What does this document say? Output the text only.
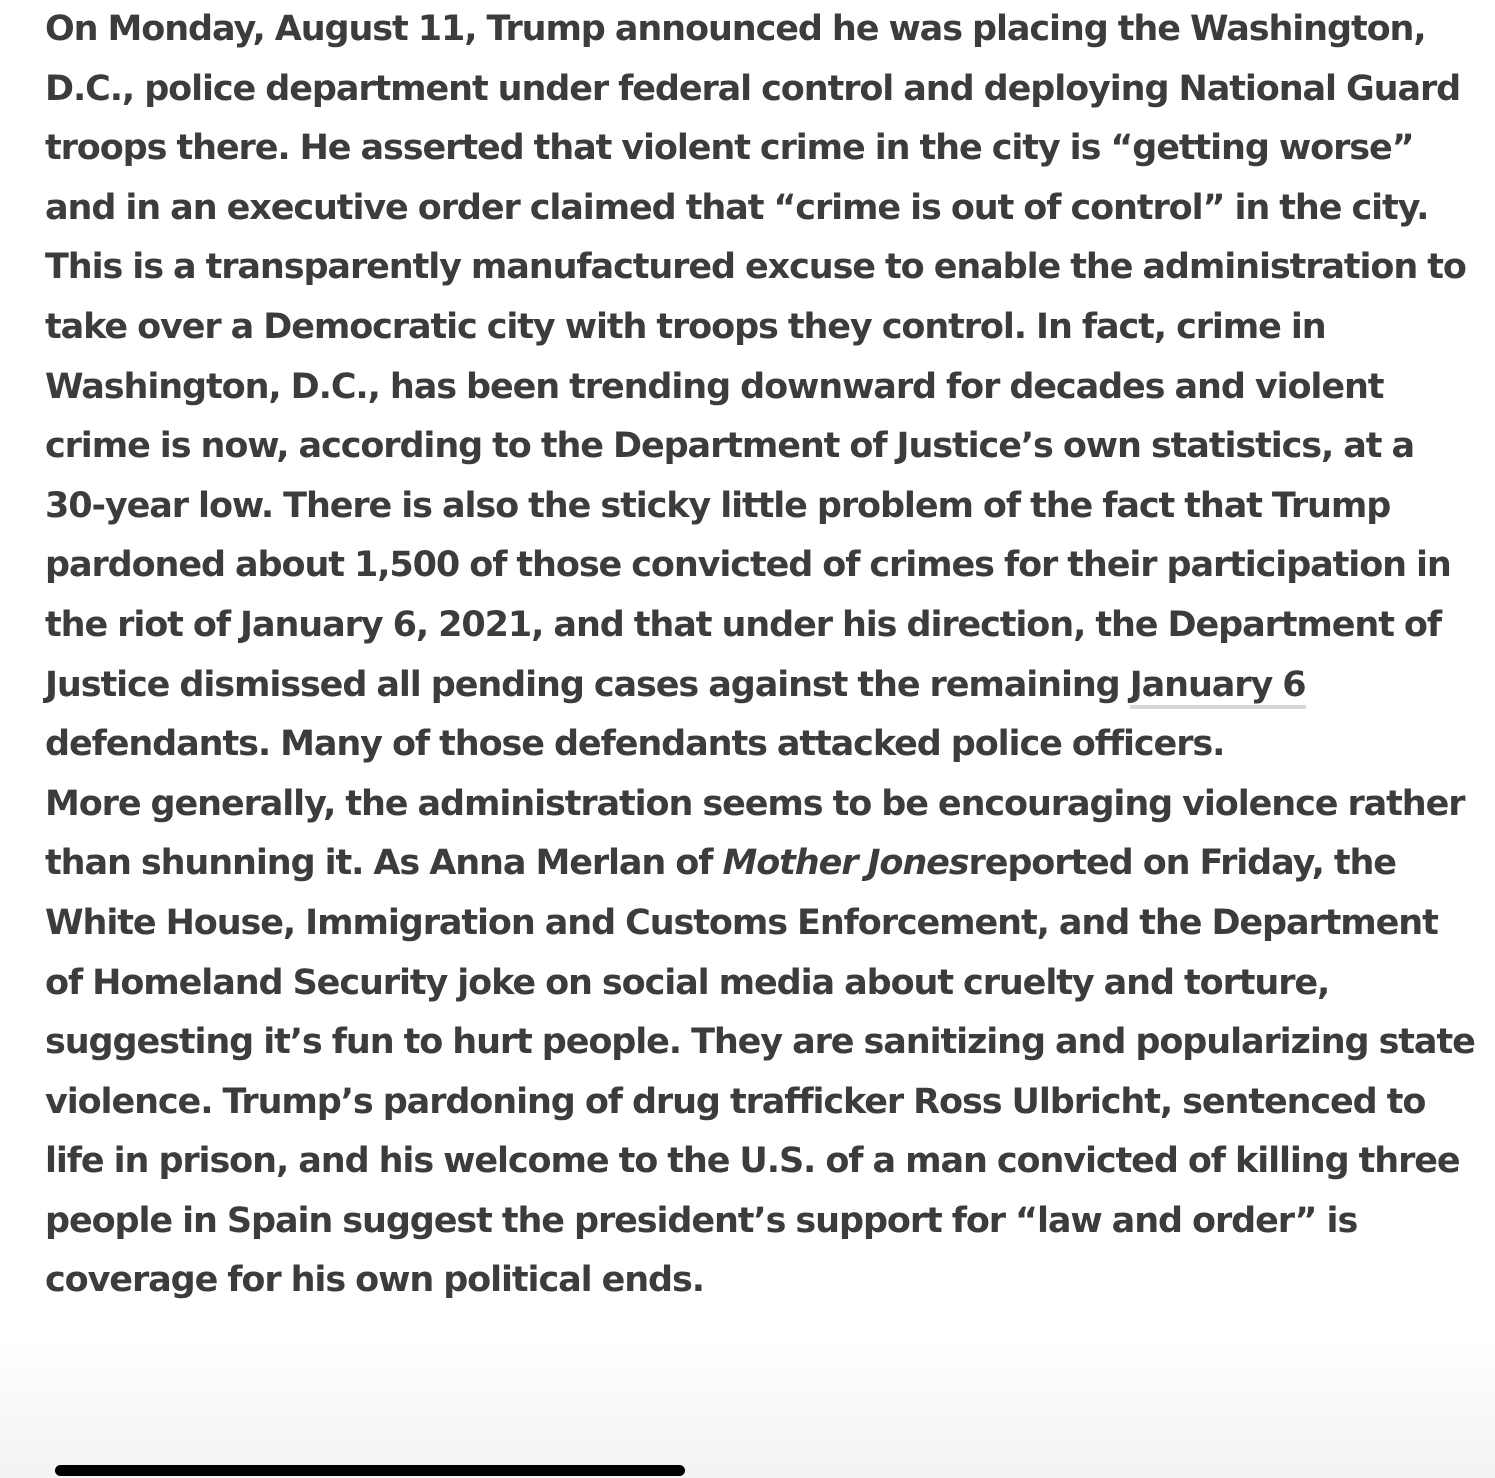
On Monday, August 11, Trump announced he was placing the Washington, D.C., police department under federal control and deploying National Guard troops there. He asserted that violent crime in the city is “getting worse” and in an executive order claimed that “crime is out of control” in the city.

This is a transparently manufactured excuse to enable the administration to take over a Democratic city with troops they control. In fact, crime in Washington, D.C., has been trending downward for decades and violent crime is now, according to the Department of Justice’s own statistics, at a 30-year low. There is also the sticky little problem of the fact that Trump pardoned about 1,500 of those convicted of crimes for their participation in the riot of January 6, 2021, and that under his direction, the Department of Justice dismissed all pending cases against the remaining January 6 defendants. Many of those defendants attacked police officers.

More generally, the administration seems to be encouraging violence rather than shunning it. As Anna Merlan of Mother Jonesreported on Friday, the White House, Immigration and Customs Enforcement, and the Department of Homeland Security joke on social media about cruelty and torture, suggesting it’s fun to hurt people. They are sanitizing and popularizing state violence. Trump’s pardoning of drug trafficker Ross Ulbricht, sentenced to life in prison, and his welcome to the U.S. of a man convicted of killing three people in Spain suggest the president’s support for “law and order” is coverage for his own political ends.
